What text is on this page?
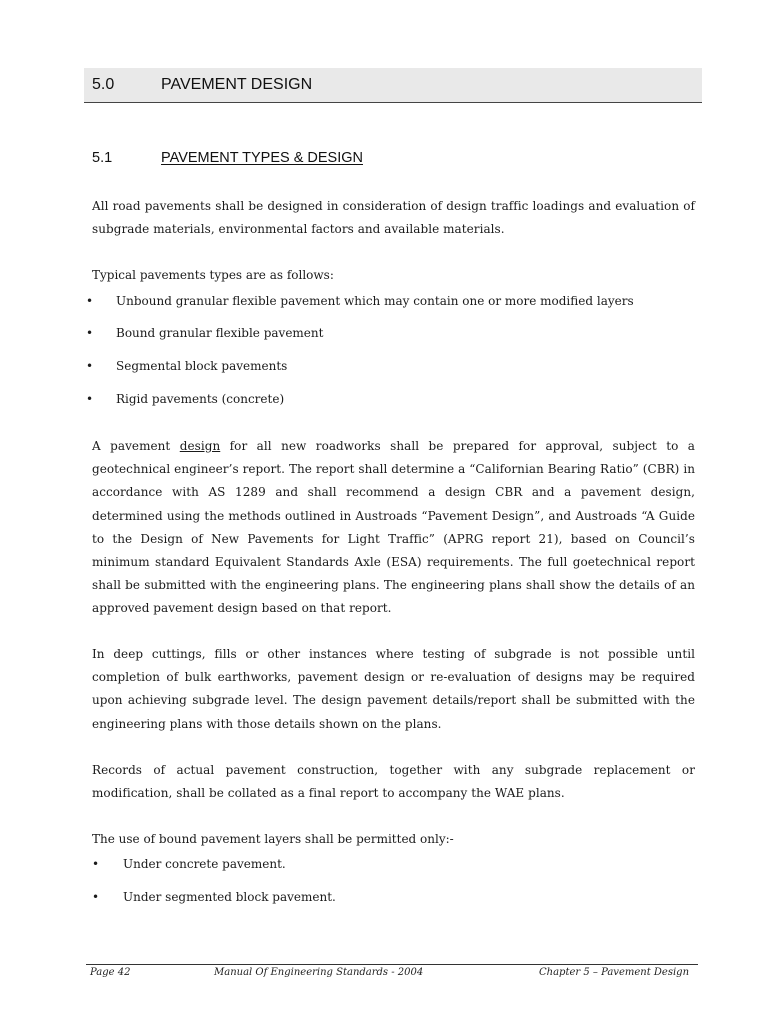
5.0	PAVEMENT DESIGN
5.1	PAVEMENT TYPES & DESIGN

All road pavements shall be designed in consideration of design traffic loadings and evaluation of subgrade materials, environmental factors and available materials.

Typical pavements types are as follows:

• Unbound granular flexible pavement which may contain one or more modified layers
• Bound granular flexible pavement
• Segmental block pavements
• Rigid pavements (concrete)

A pavement design for all new roadworks shall be prepared for approval, subject to a geotechnical engineer’s report. The report shall determine a “Californian Bearing Ratio” (CBR) in accordance with AS 1289 and shall recommend a design CBR and a pavement design, determined using the methods outlined in Austroads “Pavement Design”, and Austroads “A Guide to the Design of New Pavements for Light Traffic” (APRG report 21), based on Council’s minimum standard Equivalent Standards Axle (ESA) requirements. The full goetechnical report shall be submitted with the engineering plans. The engineering plans shall show the details of an approved pavement design based on that report.

In deep cuttings, fills or other instances where testing of subgrade is not possible until completion of bulk earthworks, pavement design or re-evaluation of designs may be required upon achieving subgrade level. The design pavement details/report shall be submitted with the engineering plans with those details shown on the plans.

Records of actual pavement construction, together with any subgrade replacement or modification, shall be collated as a final report to accompany the WAE plans.

The use of bound pavement layers shall be permitted only:-

• Under concrete pavement.
• Under segmented block pavement.
Page 42	Manual Of Engineering Standards - 2004	Chapter 5 – Pavement Design
